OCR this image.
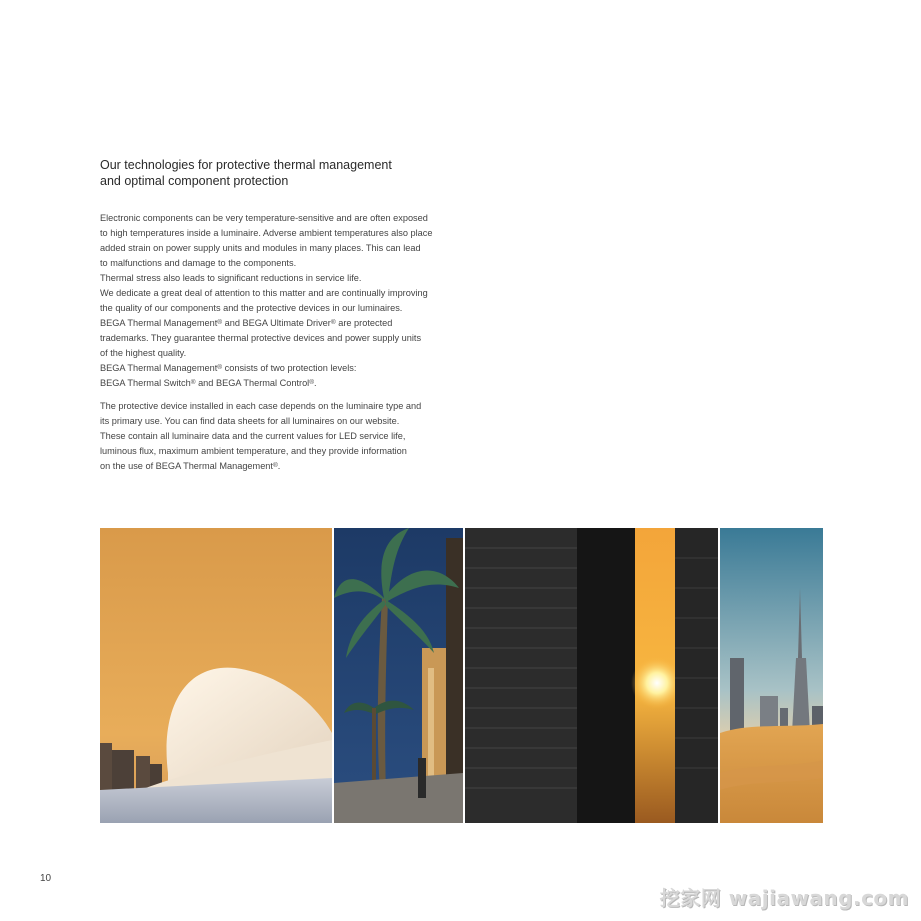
Our technologies for protective thermal management
and optimal component protection
Electronic components can be very temperature-sensitive and are often exposed
to high temperatures inside a luminaire. Adverse ambient temperatures also place
added strain on power supply units and modules in many places. This can lead
to malfunctions and damage to the components.
Thermal stress also leads to significant reductions in service life.
We dedicate a great deal of attention to this matter and are continually improving
the quality of our components and the protective devices in our luminaires.
BEGA Thermal Management® and BEGA Ultimate Driver® are protected
trademarks. They guarantee thermal protective devices and power supply units
of the highest quality.
BEGA Thermal Management® consists of two protection levels:
BEGA Thermal Switch® and BEGA Thermal Control®.
The protective device installed in each case depends on the luminaire type and
its primary use. You can find data sheets for all luminaires on our website.
These contain all luminaire data and the current values for LED service life,
luminous flux, maximum ambient temperature, and they provide information
on the use of BEGA Thermal Management®.
10
挖家网 wajiawang.com
